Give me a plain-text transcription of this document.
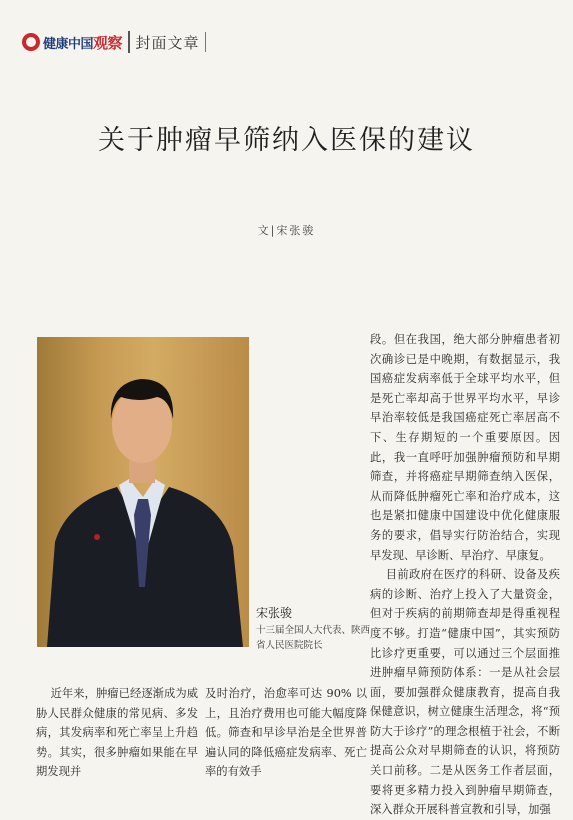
健康中国观察 封面文章
关于肿瘤早筛纳入医保的建议
文|宋张骏
宋张骏
十三届全国人大代表、陕西省人民医院院长
段。但在我国，绝大部分肿瘤患者初次确诊已是中晚期，有数据显示，我国癌症发病率低于全球平均水平，但是死亡率却高于世界平均水平，早诊早治率较低是我国癌症死亡率居高不下、生存期短的一个重要原因。因此，我一直呼吁加强肿瘤预防和早期筛查，并将癌症早期筛查纳入医保，从而降低肿瘤死亡率和治疗成本，这也是紧扣健康中国建设中优化健康服务的要求，倡导实行防治结合，实现早发现、早诊断、早治疗、早康复。
目前政府在医疗的科研、设备及疾病的诊断、治疗上投入了大量资金，但对于疾病的前期筛查却是得重视程度不够。打造“健康中国”，其实预防比诊疗更重要，可以通过三个层面推进肿瘤早筛预防体系：一是从社会层面，要加强群众健康教育，提高自我保健意识，树立健康生活理念，将“预防大于诊疗”的理念根植于社会，不断提高公众对早期筛查的认识，将预防关口前移。二是从医务工作者层面，要将更多精力投入到肿瘤早期筛查，深入群众开展科普宣教和引导，加强
近年来，肿瘤已经逐渐成为威胁人民群众健康的常见病、多发病，其发病率和死亡率呈上升趋势。其实，很多肿瘤如果能在早期发现并
及时治疗，治愈率可达 90% 以上，且治疗费用也可能大幅度降低。筛查和早诊早治是全世界普遍认同的降低癌症发病率、死亡率的有效手
